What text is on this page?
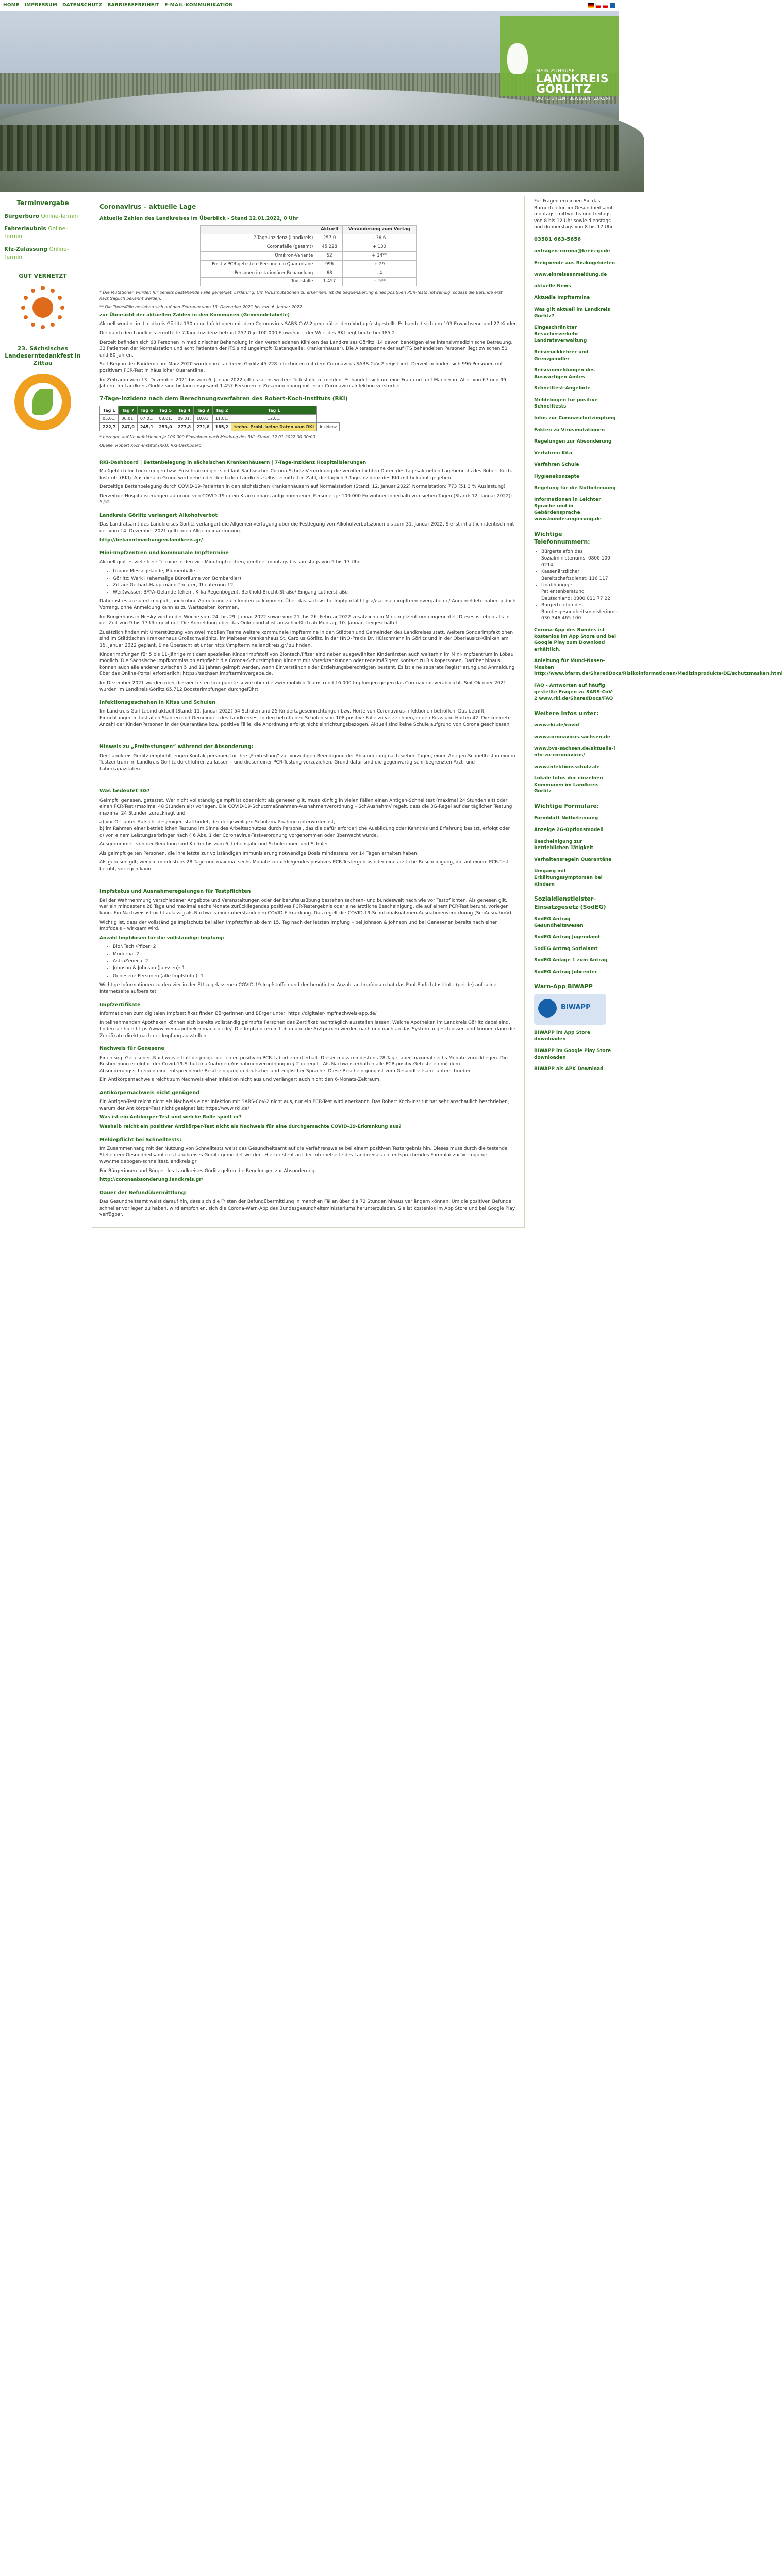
HOME IMPRESSUM DATENSCHUTZ BARRIEREFREIHEIT E-MAIL-KOMMUNIKATION
MEIN ZUHAUSE
LANDKREIS
GÖRLITZ
WOHLFÜHLEN · BEWEGEN · ZUKUNFT
Terminvergabe
Bürgerbüro Online-Termin
Fahrerlaubnis Online-Termin
Kfz-Zulassung Online-Termin
GUT VERNETZT
23. Sächsisches Landeserntedankfest in Zittau
Coronavirus – aktuelle Lage
Aktuelle Zahlen des Landkreises im Überblick - Stand 12.01.2022, 0 Uhr
	Aktuell	Veränderung zum Vortag
7-Tage-Inzidenz (Landkreis)	257,0	- 36,6
Coronafälle (gesamt)	45.228	+ 130
Omikron-Variante	52	+ 14**
Positiv PCR-getestete Personen in Quarantäne	996	+ 29
Personen in stationärer Behandlung	68	- 4
Todesfälle	1.457	+ 5**

* Die Mutationen wurden für bereits bestehende Fälle gemeldet. Erklärung: Um Virusmutationen zu erkennen, ist die Sequenzierung eines positiven PCR-Tests notwendig, sodass die Befunde erst nachträglich bekannt werden.

** Die Todesfälle beziehen sich auf den Zeitraum vom 13. Dezember 2021 bis zum 6. Januar 2022.

zur Übersicht der aktuellen Zahlen in den Kommunen (Gemeindetabelle)

Aktuell wurden im Landkreis Görlitz 130 neue Infektionen mit dem Coronavirus SARS-CoV-2 gegenüber dem Vortag festgestellt. Es handelt sich um 103 Erwachsene und 27 Kinder.

Die durch den Landkreis ermittelte 7-Tage-Inzidenz beträgt 257,0 je 100.000 Einwohner, der Wert des RKI liegt heute bei 185,2.

Derzeit befinden sich 68 Personen in medizinischer Behandlung in den verschiedenen Kliniken des Landkreises Görlitz, 14 davon benötigen eine intensivmedizinische Betreuung. 33 Patienten der Normalstation und acht Patienten der ITS sind ungeimpft (Datenquelle: Krankenhäuser). Die Altersspanne der auf ITS behandelten Personen liegt zwischen 51 und 80 Jahren.

Seit Beginn der Pandemie im März 2020 wurden im Landkreis Görlitz 45.228 Infektionen mit dem Coronavirus SARS-CoV-2 registriert. Derzeit befinden sich 996 Personen mit positivem PCR-Test in häuslicher Quarantäne.

Im Zeitraum vom 13. Dezember 2021 bis zum 6. Januar 2022 gilt es sechs weitere Todesfälle zu melden. Es handelt sich um eine Frau und fünf Männer im Alter von 67 und 99 Jahren. Im Landkreis Görlitz sind bislang insgesamt 1.457 Personen in Zusammenhang mit einer Coronavirus-Infektion verstorben.

7-Tage-Inzidenz nach dem Berechnungsverfahren des Robert-Koch-Instituts (RKI)
Tag 1	Tag 7	Tag 6	Tag 5	Tag 4	Tag 3	Tag 2	Tag 1	
05.01.	06.01.	07.01.	08.01.	09.01.	10.01.	11.01.	12.01.	
222,7	247,0	245,1	253,0	277,8	271,8	185,2	techn. Probl. keine Daten vom RKI	Inzidenz

* bezogen auf Neuinfektionen je 100.000 Einwohner nach Meldung des RKI, Stand: 12.01.2022 00:00:00

Quelle: Robert Koch-Institut (RKI), RKI-Dashboard

RKI-Dashboard | Bettenbelegung in sächsischen Krankenhäusern | 7-Tage-Inzidenz Hospitalisierungen

Maßgeblich für Lockerungen bzw. Einschränkungen sind laut Sächsischer Corona-Schutz-Verordnung die veröffentlichten Daten des tagesaktuellen Lageberichts des Robert Koch-Instituts (RKI). Aus diesem Grund wird neben der durch den Landkreis selbst ermittelten Zahl, die täglich 7-Tage-Inzidenz des RKI mit bekannt gegeben.

Derzeitige Bettenbelegung durch COVID-19-Patienten in den sächsischen Krankenhäusern auf Normalstation (Stand: 12. Januar 2022) Normalstation: 773 (51,3 % Auslastung)

Derzeitige Hospitalisierungen aufgrund von COVID-19 in ein Krankenhaus aufgenommenen Personen je 100.000 Einwohner innerhalb von sieben Tagen (Stand: 12. Januar 2022): 5,52.

Landkreis Görlitz verlängert Alkoholverbot

Das Landratsamt des Landkreises Görlitz verlängert die Allgemeinverfügung über die Festlegung von Alkoholverbotszonen bis zum 31. Januar 2022. Sie ist inhaltlich identisch mit der vom 14. Dezember 2021 geltenden Allgemeinverfügung.

http://bekanntmachungen.landkreis.gr/
Mini-Impfzentren und kommunale Impftermine

Aktuell gibt es viele freie Termine in den vier Mini-Impfzentren, geöffnet montags bis samstags von 9 bis 17 Uhr.

• Löbau: Messegelände, Blumenhalle
• Görlitz: Werk I (ehemalige Büroräume von Bombardier)
• Zittau: Gerhart-Hauptmann-Theater, Theaterring 12
• Weißwasser: BAYA-Gelände (ehem. Krka Regenbogen), Berthold-Brecht-Straße/ Eingang Lutherstraße

Daher ist es ab sofort möglich, auch ohne Anmeldung zum Impfen zu kommen. Über das sächsische Impfportal https://sachsen.impfterminvergabe.de/ Angemeldete haben jedoch Vorrang, ohne Anmeldung kann es zu Wartezeiten kommen.

Im Bürgerhaus in Niesky wird in der Woche vom 24. bis 29. Januar 2022 sowie vom 21. bis 26. Februar 2022 zusätzlich ein Mini-Impfzentrum eingerichtet. Dieses ist ebenfalls in der Zeit von 9 bis 17 Uhr geöffnet. Die Anmeldung über das Onlineportal ist ausschließlich ab Montag, 10. Januar, freigeschaltet.

Zusätzlich finden mit Unterstützung von zwei mobilen Teams weitere kommunale Impftermine in den Städten und Gemeinden des Landkreises statt. Weitere Sonderimpfaktionen sind im Städtischen Krankenhaus Großschweidnitz, im Malteser Krankenhaus St. Carolus Görlitz, in der HNO-Praxis Dr. Hülschmann in Görlitz und in der Oberlausitz-Kliniken am 15. Januar 2022 geplant. Eine Übersicht ist unter http://impftermine.landkreis.gr/ zu finden.

Kinderimpfungen für 5 bis 11-Jährige mit dem speziellen Kinderimpfstoff von Biontech/Pfizer sind neben ausgewählten Kinderärzten auch weiterhin im Mini-Impfzentrum in Löbau möglich. Die Sächsische Impfkommission empfiehlt die Corona-Schutzimpfung Kindern mit Vorerkrankungen oder regelmäßigem Kontakt zu Risikopersonen. Darüber hinaus können auch alle anderen zwischen 5 und 11 Jahren geimpft werden, wenn Einverständnis der Erziehungsberechtigten besteht. Es ist eine separate Registrierung und Anmeldung über das Online-Portal erforderlich: https://sachsen.impfterminvergabe.de.

Im Dezember 2021 wurden über die vier festen Impfpunkte sowie über die zwei mobilen Teams rund 16.000 Impfungen gegen das Coronavirus verabreicht. Seit Oktober 2021 wurden im Landkreis Görlitz 65.712 Boosterimpfungen durchgeführt.

Infektionsgeschehen in Kitas und Schulen

Im Landkreis Görlitz sind aktuell (Stand: 11. Januar 2022) 54 Schulen und 25 Kindertageseinrichtungen bzw. Horte von Coronavirus-Infektionen betroffen. Das betrifft Einrichtungen in fast allen Städten und Gemeinden des Landkreises. In den betroffenen Schulen sind 108 positive Fälle zu verzeichnen, in den Kitas und Horten 42. Die konkrete Anzahl der Kinder/Personen in der Quarantäne bzw. positive Fälle, die Anordnung erfolgt nicht einrichtungsbezogen. Aktuell sind keine Schule aufgrund von Corona geschlossen.

Hinweis zu „Freitestungen“ während der Absonderung:

Der Landkreis Görlitz empfiehlt engen Kontaktpersonen für ihre „Freitestung“ zur vorzeitigen Beendigung der Absonderung nach sieben Tagen, einen Antigen-Schnelltest in einem Testzentrum im Landkreis Görlitz durchführen zu lassen – und dieser einer PCR-Testung vorzuziehen. Grund dafür sind die gegenwärtig sehr begrenzten Arzt- und Laborkapazitäten.

Was bedeutet 3G?

Geimpft, genesen, getestet. Wer nicht vollständig geimpft ist oder nicht als genesen gilt, muss künftig in vielen Fällen einen Antigen-Schnelltest (maximal 24 Stunden alt) oder einen PCR-Test (maximal 48 Stunden alt) vorlegen. Die COVID-19-Schutzmaßnahmen-Ausnahmenverordnung – SchAusnahmV regelt, dass die 3G-Regel auf der täglichen Testung maximal 24 Stunden zurückliegt und

a) vor Ort unter Aufsicht desjenigen stattfindet, der der jeweiligen Schutzmaßnahme unterworfen ist,
b) im Rahmen einer betrieblichen Testung im Sinne des Arbeitsschutzes durch Personal, das die dafür erforderliche Ausbildung oder Kenntnis und Erfahrung besitzt, erfolgt oder
c) von einem Leistungserbringer nach § 6 Abs. 1 der Coronavirus-Testverordnung vorgenommen oder überwacht wurde.

Ausgenommen von der Regelung sind Kinder bis zum 6. Lebensjahr und Schülerinnen und Schüler.

Als geimpft gelten Personen, die ihre letzte zur vollständigen Immunisierung notwendige Dosis mindestens vor 14 Tagen erhalten haben.

Als genesen gilt, wer ein mindestens 28 Tage und maximal sechs Monate zurückliegendes positives PCR-Testergebnis oder eine ärztliche Bescheinigung, die auf einem PCR-Test beruht, vorlegen kann.

Impfstatus und Ausnahmeregelungen für Testpflichten

Bei der Wahrnehmung verschiedener Angebote und Veranstaltungen oder der berufsausübung bestehen sachsen- und bundesweit nach wie vor Testpflichten. Als genesen gilt, wer ein mindestens 28 Tage und maximal sechs Monate zurückliegendes positives PCR-Testergebnis oder eine ärztliche Bescheinigung, die auf einem PCR-Test beruht, vorlegen kann. Ein Nachweis ist nicht zulässig als Nachweis einer überstandenen COVID-Erkrankung. Das regelt die COVID-19-Schutzmaßnahmen-Ausnahmenverordnung (SchAusnahmV).

Wichtig ist, dass der vollständige Impfschutz bei allen Impfstoffen ab dem 15. Tag nach der letzten Impfung – bei Johnson & Johnson und bei Genesenen bereits nach einer Impfdosis – wirksam wird.

Anzahl Impfdosen für die vollständige Impfung:

• BioNTech /Pfizer: 2
• Moderna: 2
• AstraZeneca: 2
• Johnson & Johnson (Janssen): 1
• Genesene Personen (alle Impfstoffe): 1

Wichtige Informationen zu den vier in der EU zugelassenen COVID-19-Impfstoffen und der benötigten Anzahl an Impfdosen hat das Paul-Ehrlich-Institut - (pei.de) auf seiner Internetseite aufbereitet.

Impfzertifikate

Informationen zum digitalen Impfzertifikat finden Bürgerinnen und Bürger unter: https://digitaler-impfnachweis-app.de/

In teilnehmenden Apotheken können sich bereits vollständig geimpfte Personen das Zertifikat nachträglich ausstellen lassen. Welche Apotheken im Landkreis Görlitz dabei sind, finden sie hier: https://www.mein-apothekenmanager.de/. Die Impfzentren in Löbau und die Arztpraxen werden nach und nach an das System angeschlossen und können dann die Zertifikate direkt nach der Impfung ausstellen.

Nachweis für Genesene

Einen sog. Genesenen-Nachweis erhält derjenige, der einen positiven PCR-Laborbefund erhält. Dieser muss mindestens 28 Tage, aber maximal sechs Monate zurückliegen. Die Bestimmung erfolgt in der Covid-19-Schutzmaßnahmen-Ausnahmenverordnung in § 2 geregelt. Als Nachweis erhalten alle PCR-positiv-Getesteten mit dem Absonderungsschreiben eine entsprechende Bescheinigung in deutscher und englischer Sprache. Diese Bescheinigung ist vom Gesundheitsamt unterschrieben.

Ein Antikörpernachweis reicht zum Nachweis einer Infektion nicht aus und verlängert auch nicht den 6-Monats-Zeitraum.

Antikörpernachweis nicht genügend

Ein Antigen-Test reicht nicht als Nachweis einer Infektion mit SARS-CoV-2 nicht aus, nur ein PCR-Test wird anerkannt. Das Robert Koch-Institut hat sehr anschaulich beschrieben, warum der Antikörper-Test nicht geeignet ist: https://www.rki.de/

Was ist ein Antikörper-Test und welche Rolle spielt er?

Weshalb reicht ein positiver Antikörper-Test nicht als Nachweis für eine durchgemachte COVID-19-Erkrankung aus?

Meldepflicht bei Schnelltests:

Im Zusammenhang mit der Nutzung von Schnelltests weist das Gesundheitsamt auf die Verfahrensweise bei einem positiven Testergebnis hin. Dieses muss durch die testende Stelle dem Gesundheitsamt des Landkreises Görlitz gemeldet werden. Hierfür steht auf der Internetseite des Landkreises ein entsprechendes Formular zur Verfügung: www.meldebogen-schnelltest.landkreis.gr

Für Bürgerinnen und Bürger des Landkreises Görlitz gelten die Regelungen zur Absonderung:

http://coronaabsonderung.landkreis.gr/
Dauer der Befundübermittlung:

Das Gesundheitsamt weist darauf hin, dass sich die Fristen der Befundübermittlung in manchen Fällen über die 72 Stunden hinaus verlängern können. Um die positiven Befunde schneller vorliegen zu haben, wird empfohlen, sich die Corona-Warn-App des Bundesgesundheitsministeriums herunterzuladen. Sie ist kostenlos im App Store und bei Google Play verfügbar.

Für Fragen erreichen Sie das Bürgertelefon im Gesundheitsamt montags, mittwochs und freitags von 8 bis 12 Uhr sowie dienstags und donnerstags von 8 bis 17 Uhr

03581 663-5656

anfragen-corona@kreis-gr.de

Ereignende aus Risikogebieten

www.einreiseanmeldung.de
aktuelle News
Aktuelle Impftermine
Was gilt aktuell im Landkreis Görlitz?
Eingeschränkter Besucherverkehr Landratsverwaltung
Reiserückkehrer und Grenzpendler
Reiseanmeldungen des Auswärtigen Amtes
Schnelltest-Angebote
Meldebogen für positive Schnelltests
Infos zur Coronaschutzimpfung
Fakten zu Virusmutationen
Regelungen zur Absonderung
Verfahren Kita
Verfahren Schule
Hygienekonzepte
Regelung für die Notbetreuung

Informationen in Leichter Sprache und in Gebärdensprache www.bundesregierung.de

Wichtige Telefonnummern:
• Bürgertelefon des Sozialministeriums: 0800 100 0214
• Kassenärztlicher Bereitschaftsdienst: 116 117
• Unabhängige Patientenberatung Deutschland: 0800 011 77 22
• Bürgertelefon des Bundesgesundheitsministeriums: 030 346 465 100

Corona-App des Bundes ist kostenlos im App Store und bei Google Play zum Download erhältlich.

Anleitung für Mund-Nasen-Masken http://www.bfarm.de/SharedDocs/Risikoinformationen/Medizinprodukte/DE/schutzmasken.html
FAQ - Antworten auf häufig gestellte Fragen zu SARS-CoV-2 www.rki.de/SharedDocs/FAQ
Weitere Infos unter:
www.rki.de/covid
www.coronavirus.sachsen.de
www.bvs-sachsen.de/aktuelle-info-zu-coronavirus/
www.infektionsschutz.de

Lokale Infos der einzelnen Kommunen im Landkreis Görlitz

Wichtige Formulare:
Formblatt Notbetreuung
Anzeige 2G-Optionsmodell
Bescheinigung zur betrieblichen Tätigkeit
Verhaltensregeln Quarantäne
Umgang mit Erkältungssymptomen bei Kindern
Sozialdienstleister-Einsatzgesetz (SodEG)
SodEG Antrag Gesundheitswesen
SodEG Antrag Jugendamt
SodEG Antrag Sozialamt
SodEG Anlage 1 zum Antrag
SodEG Antrag Jobcenter
Warn-App BIWAPP
BIWAPP
BIWAPP im App Store downloaden
BIWAPP im Google Play Store downloaden
BIWAPP als APK Download
